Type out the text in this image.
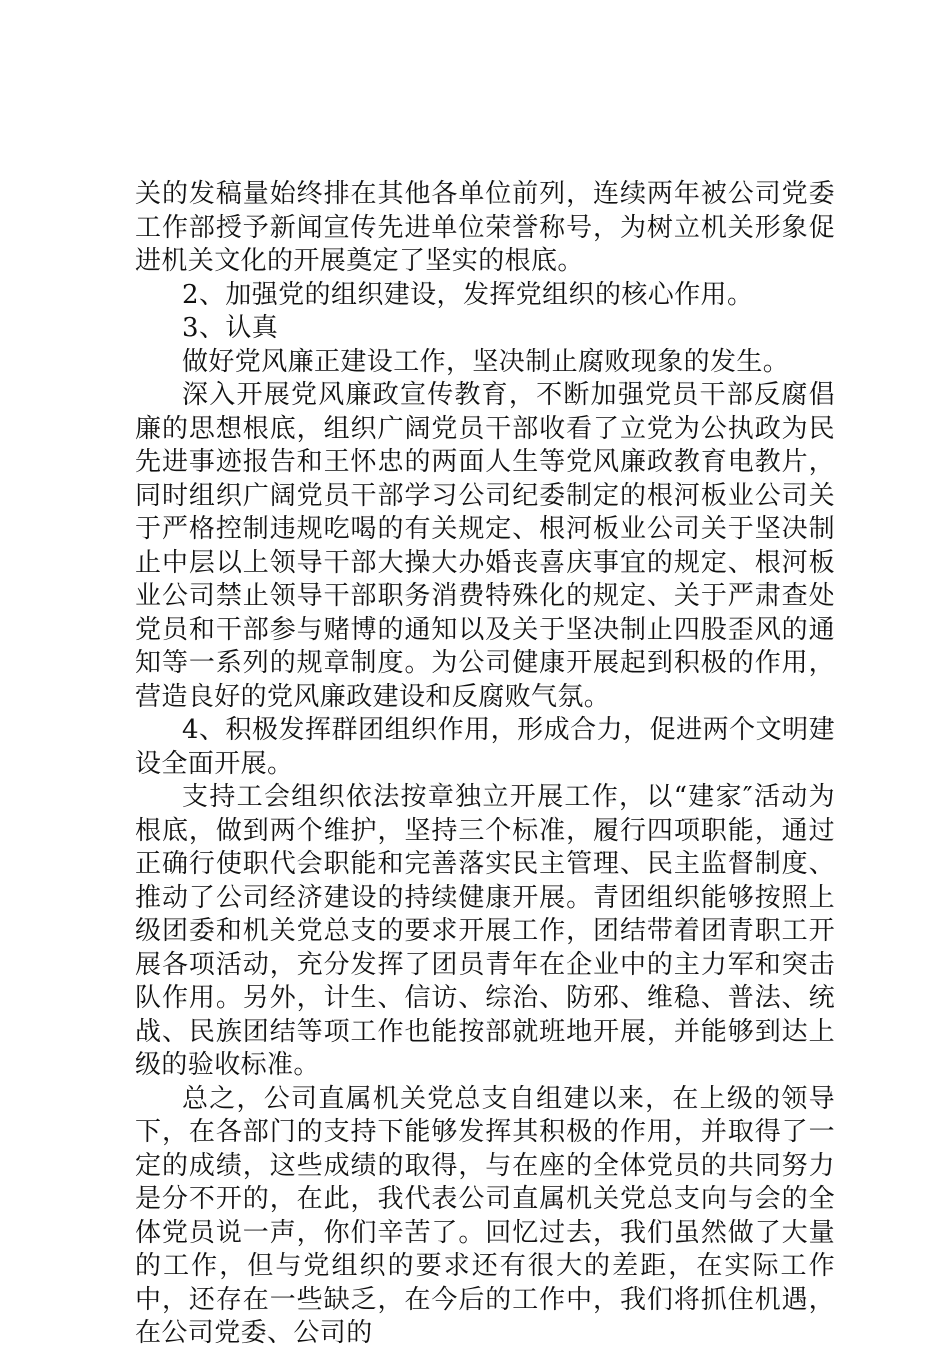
关的发稿量始终排在其他各单位前列，连续两年被公司党委工作部授予新闻宣传先进单位荣誉称号，为树立机关形象促进机关文化的开展奠定了坚实的根底。

2、加强党的组织建设，发挥党组织的核心作用。

3、认真

做好党风廉正建设工作，坚决制止腐败现象的发生。

深入开展党风廉政宣传教育，不断加强党员干部反腐倡廉的思想根底，组织广阔党员干部收看了立党为公执政为民先进事迹报告和王怀忠的两面人生等党风廉政教育电教片，同时组织广阔党员干部学习公司纪委制定的根河板业公司关于严格控制违规吃喝的有关规定、根河板业公司关于坚决制止中层以上领导干部大操大办婚丧喜庆事宜的规定、根河板业公司禁止领导干部职务消费特殊化的规定、关于严肃查处党员和干部参与赌博的通知以及关于坚决制止四股歪风的通知等一系列的规章制度。为公司健康开展起到积极的作用，营造良好的党风廉政建设和反腐败气氛。

4、积极发挥群团组织作用，形成合力，促进两个文明建设全面开展。

支持工会组织依法按章独立开展工作，以“建家″活动为根底，做到两个维护，坚持三个标准，履行四项职能，通过正确行使职代会职能和完善落实民主管理、民主监督制度、推动了公司经济建设的持续健康开展。青团组织能够按照上级团委和机关党总支的要求开展工作，团结带着团青职工开展各项活动，充分发挥了团员青年在企业中的主力军和突击队作用。另外，计生、信访、综治、防邪、维稳、普法、统战、民族团结等项工作也能按部就班地开展，并能够到达上级的验收标准。

总之，公司直属机关党总支自组建以来，在上级的领导下，在各部门的支持下能够发挥其积极的作用，并取得了一定的成绩，这些成绩的取得，与在座的全体党员的共同努力是分不开的，在此，我代表公司直属机关党总支向与会的全体党员说一声，你们辛苦了。回忆过去，我们虽然做了大量的工作，但与党组织的要求还有很大的差距，在实际工作中，还存在一些缺乏，在今后的工作中，我们将抓住机遇，在公司党委、公司的
